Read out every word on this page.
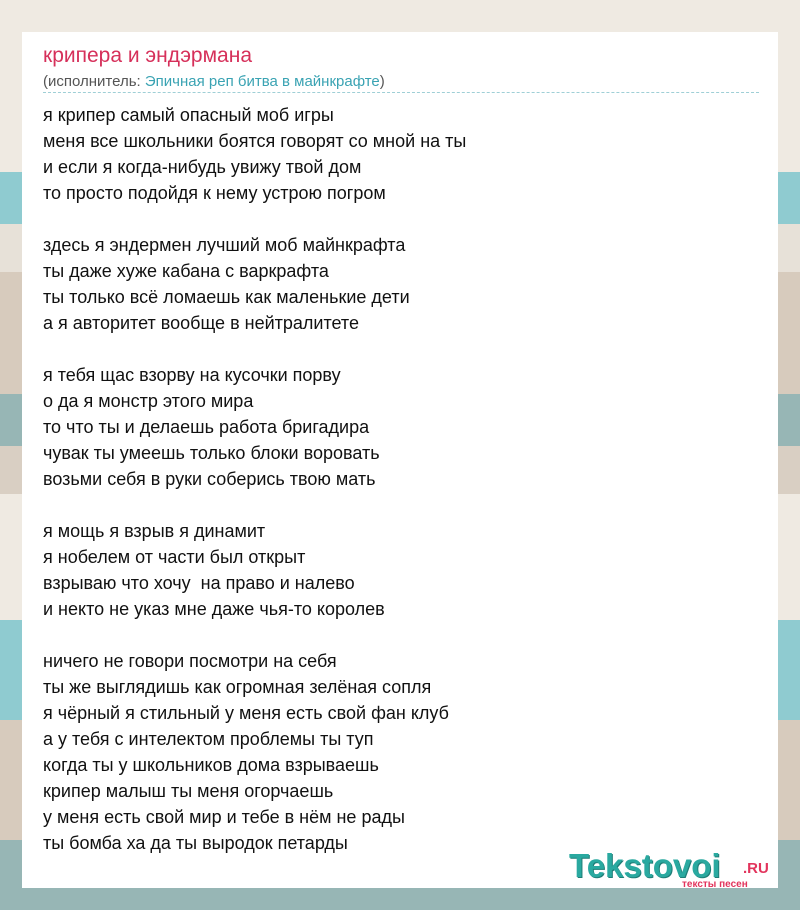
крипера и эндэрмана
(исполнитель: Эпичная реп битва в майнкрафте)
я крипер самый опасный моб игры
меня все школьники боятся говорят со мной на ты
и если я когда-нибудь увижу твой дом
то просто подойдя к нему устрою погром
здесь я эндермен лучший моб майнкрафта
ты даже хуже кабана с варкрафта
ты только всё ломаешь как маленькие дети
а я авторитет вообще в нейтралитете
я тебя щас взорву на кусочки порву
о да я монстр этого мира
то что ты и делаешь работа бригадира
чувак ты умеешь только блоки воровать
возьми себя в руки соберись твою мать
я мощь я взрыв я динамит
я нобелем от части был открыт
взрываю что хочу  на право и налево
и некто не указ мне даже чья-то королев
ничего не говори посмотри на себя
ты же выглядишь как огромная зелёная сопля
я чёрный я стильный у меня есть свой фан клуб
а у тебя с интелектом проблемы ты туп
когда ты у школьников дома взрываешь
крипер малыш ты меня огорчаешь
у меня есть свой мир и тебе в нём не рады
ты бомба ха да ты выродок петарды
Tekstovoi .RU
тексты песен
